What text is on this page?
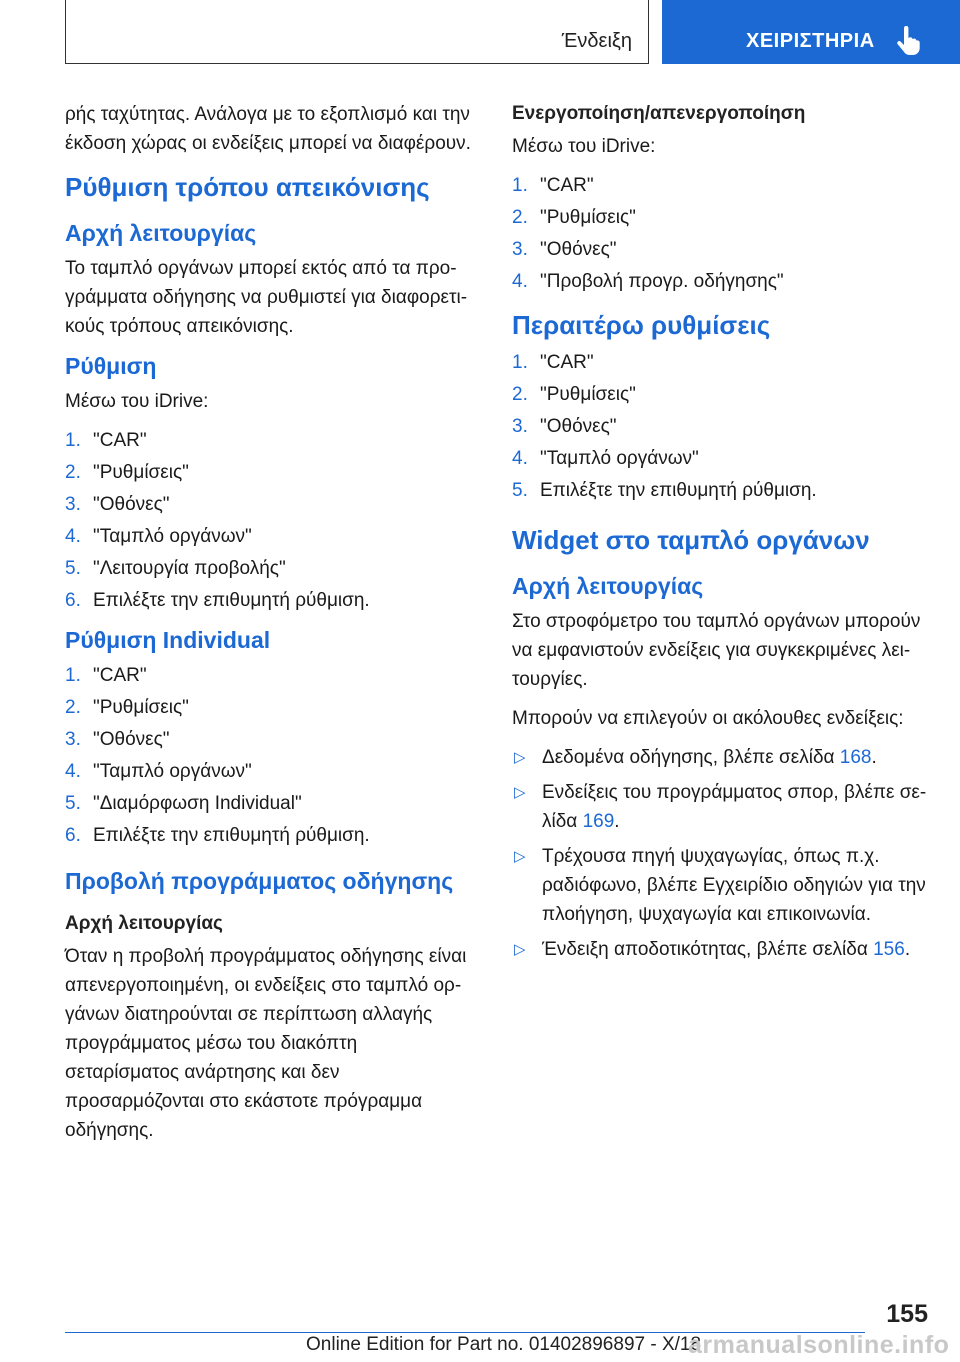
Ένδειξη	ΧΕΙΡΙΣΤΗΡΙΑ

ρής ταχύτητας. Ανάλογα με το εξοπλισμό και την έκδοση χώρας οι ενδείξεις μπορεί να διαφέρουν.

Ρύθμιση τρόπου απεικόνισης
Αρχή λειτουργίας

Το ταμπλό οργάνων μπορεί εκτός από τα προγράμματα οδήγησης να ρυθμιστεί για διαφορετικούς τρόπους απεικόνισης.

Ρύθμιση

Μέσω του iDrive:

1. "CAR"
2. "Ρυθμίσεις"
3. "Οθόνες"
4. "Ταμπλό οργάνων"
5. "Λειτουργία προβολής"
6. Επιλέξτε την επιθυμητή ρύθμιση.
Ρύθμιση Individual
1. "CAR"
2. "Ρυθμίσεις"
3. "Οθόνες"
4. "Ταμπλό οργάνων"
5. "Διαμόρφωση Individual"
6. Επιλέξτε την επιθυμητή ρύθμιση.
Προβολή προγράμματος οδήγησης
Αρχή λειτουργίας

Όταν η προβολή προγράμματος οδήγησης είναι απενεργοποιημένη, οι ενδείξεις στο ταμπλό οργάνων διατηρούνται σε περίπτωση αλλαγής προγράμματος μέσω του διακόπτη σεταρίσματος ανάρτησης και δεν προσαρμόζονται στο εκάστοτε πρόγραμμα οδήγησης.

Ενεργοποίηση/απενεργοποίηση

Μέσω του iDrive:

1. "CAR"
2. "Ρυθμίσεις"
3. "Οθόνες"
4. "Προβολή προγρ. οδήγησης"
Περαιτέρω ρυθμίσεις
1. "CAR"
2. "Ρυθμίσεις"
3. "Οθόνες"
4. "Ταμπλό οργάνων"
5. Επιλέξτε την επιθυμητή ρύθμιση.
Widget στο ταμπλό οργάνων
Αρχή λειτουργίας

Στο στροφόμετρο του ταμπλό οργάνων μπορούν να εμφανιστούν ενδείξεις για συγκεκριμένες λειτουργίες.

Μπορούν να επιλεγούν οι ακόλουθες ενδείξεις:

▷ Δεδομένα οδήγησης, βλέπε σελίδα 168.
▷ Ενδείξεις του προγράμματος σπορ, βλέπε σελίδα 169.
▷ Τρέχουσα πηγή ψυχαγωγίας, όπως π.χ. ραδιόφωνο, βλέπε Εγχειρίδιο οδηγιών για την πλοήγηση, ψυχαγωγία και επικοινωνία.
▷ Ένδειξη αποδοτικότητας, βλέπε σελίδα 156.
155
Online Edition for Part no. 01402896897 - X/18
armanualsonline.info
